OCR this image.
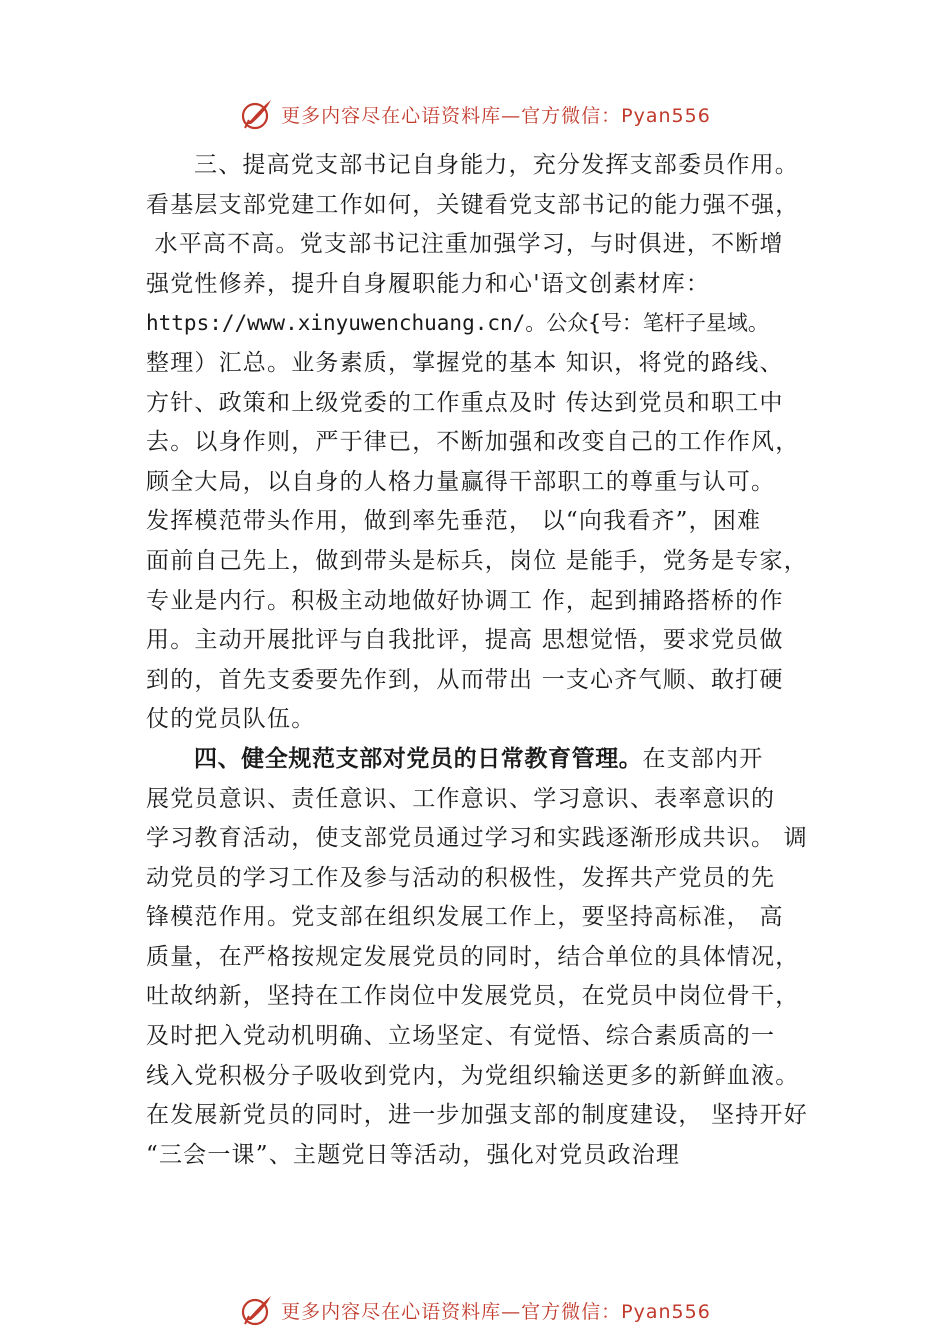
更多内容尽在心语资料库—官方微信：Pyan556
三、提高党支部书记自身能力，充分发挥支部委员作用。
看基层支部党建工作如何，关键看党支部书记的能力强不强，
水平高不高。党支部书记注重加强学习，与时俱进，不断增
强党性修养，提升自身履职能力和心'语文创素材库：
https://www.xinyuwenchuang.cn/。公众{号：笔杆子星域。
整理）汇总。业务素质，掌握党的基本 知识，将党的路线、
方针、政策和上级党委的工作重点及时 传达到党员和职工中
去。以身作则，严于律已，不断加强和改变自己的工作作风，
顾全大局，以自身的人格力量赢得干部职工的尊重与认可。
发挥模范带头作用，做到率先垂范， 以“向我看齐”，困难
面前自己先上，做到带头是标兵，岗位 是能手，党务是专家，
专业是内行。积极主动地做好协调工 作，起到捕路搭桥的作
用。主动开展批评与自我批评，提高 思想觉悟，要求党员做
到的，首先支委要先作到，从而带出 一支心齐气顺、敢打硬
仗的党员队伍。
四、健全规范支部对党员的日常教育管理。在支部内开
展党员意识、责任意识、工作意识、学习意识、表率意识的
学习教育活动，使支部党员通过学习和实践逐渐形成共识。 调
动党员的学习工作及参与活动的积极性，发挥共产党员的先
锋模范作用。党支部在组织发展工作上，要坚持高标准， 高
质量，在严格按规定发展党员的同时，结合单位的具体情况，
吐故纳新，坚持在工作岗位中发展党员，在党员中岗位骨干，
及时把入党动机明确、立场坚定、有觉悟、综合素质高的一
线入党积极分子吸收到党内，为党组织输送更多的新鲜血液。
在发展新党员的同时，进一步加强支部的制度建设， 坚持开好
“三会一课”、主题党日等活动，强化对党员政治理
更多内容尽在心语资料库—官方微信：Pyan556
